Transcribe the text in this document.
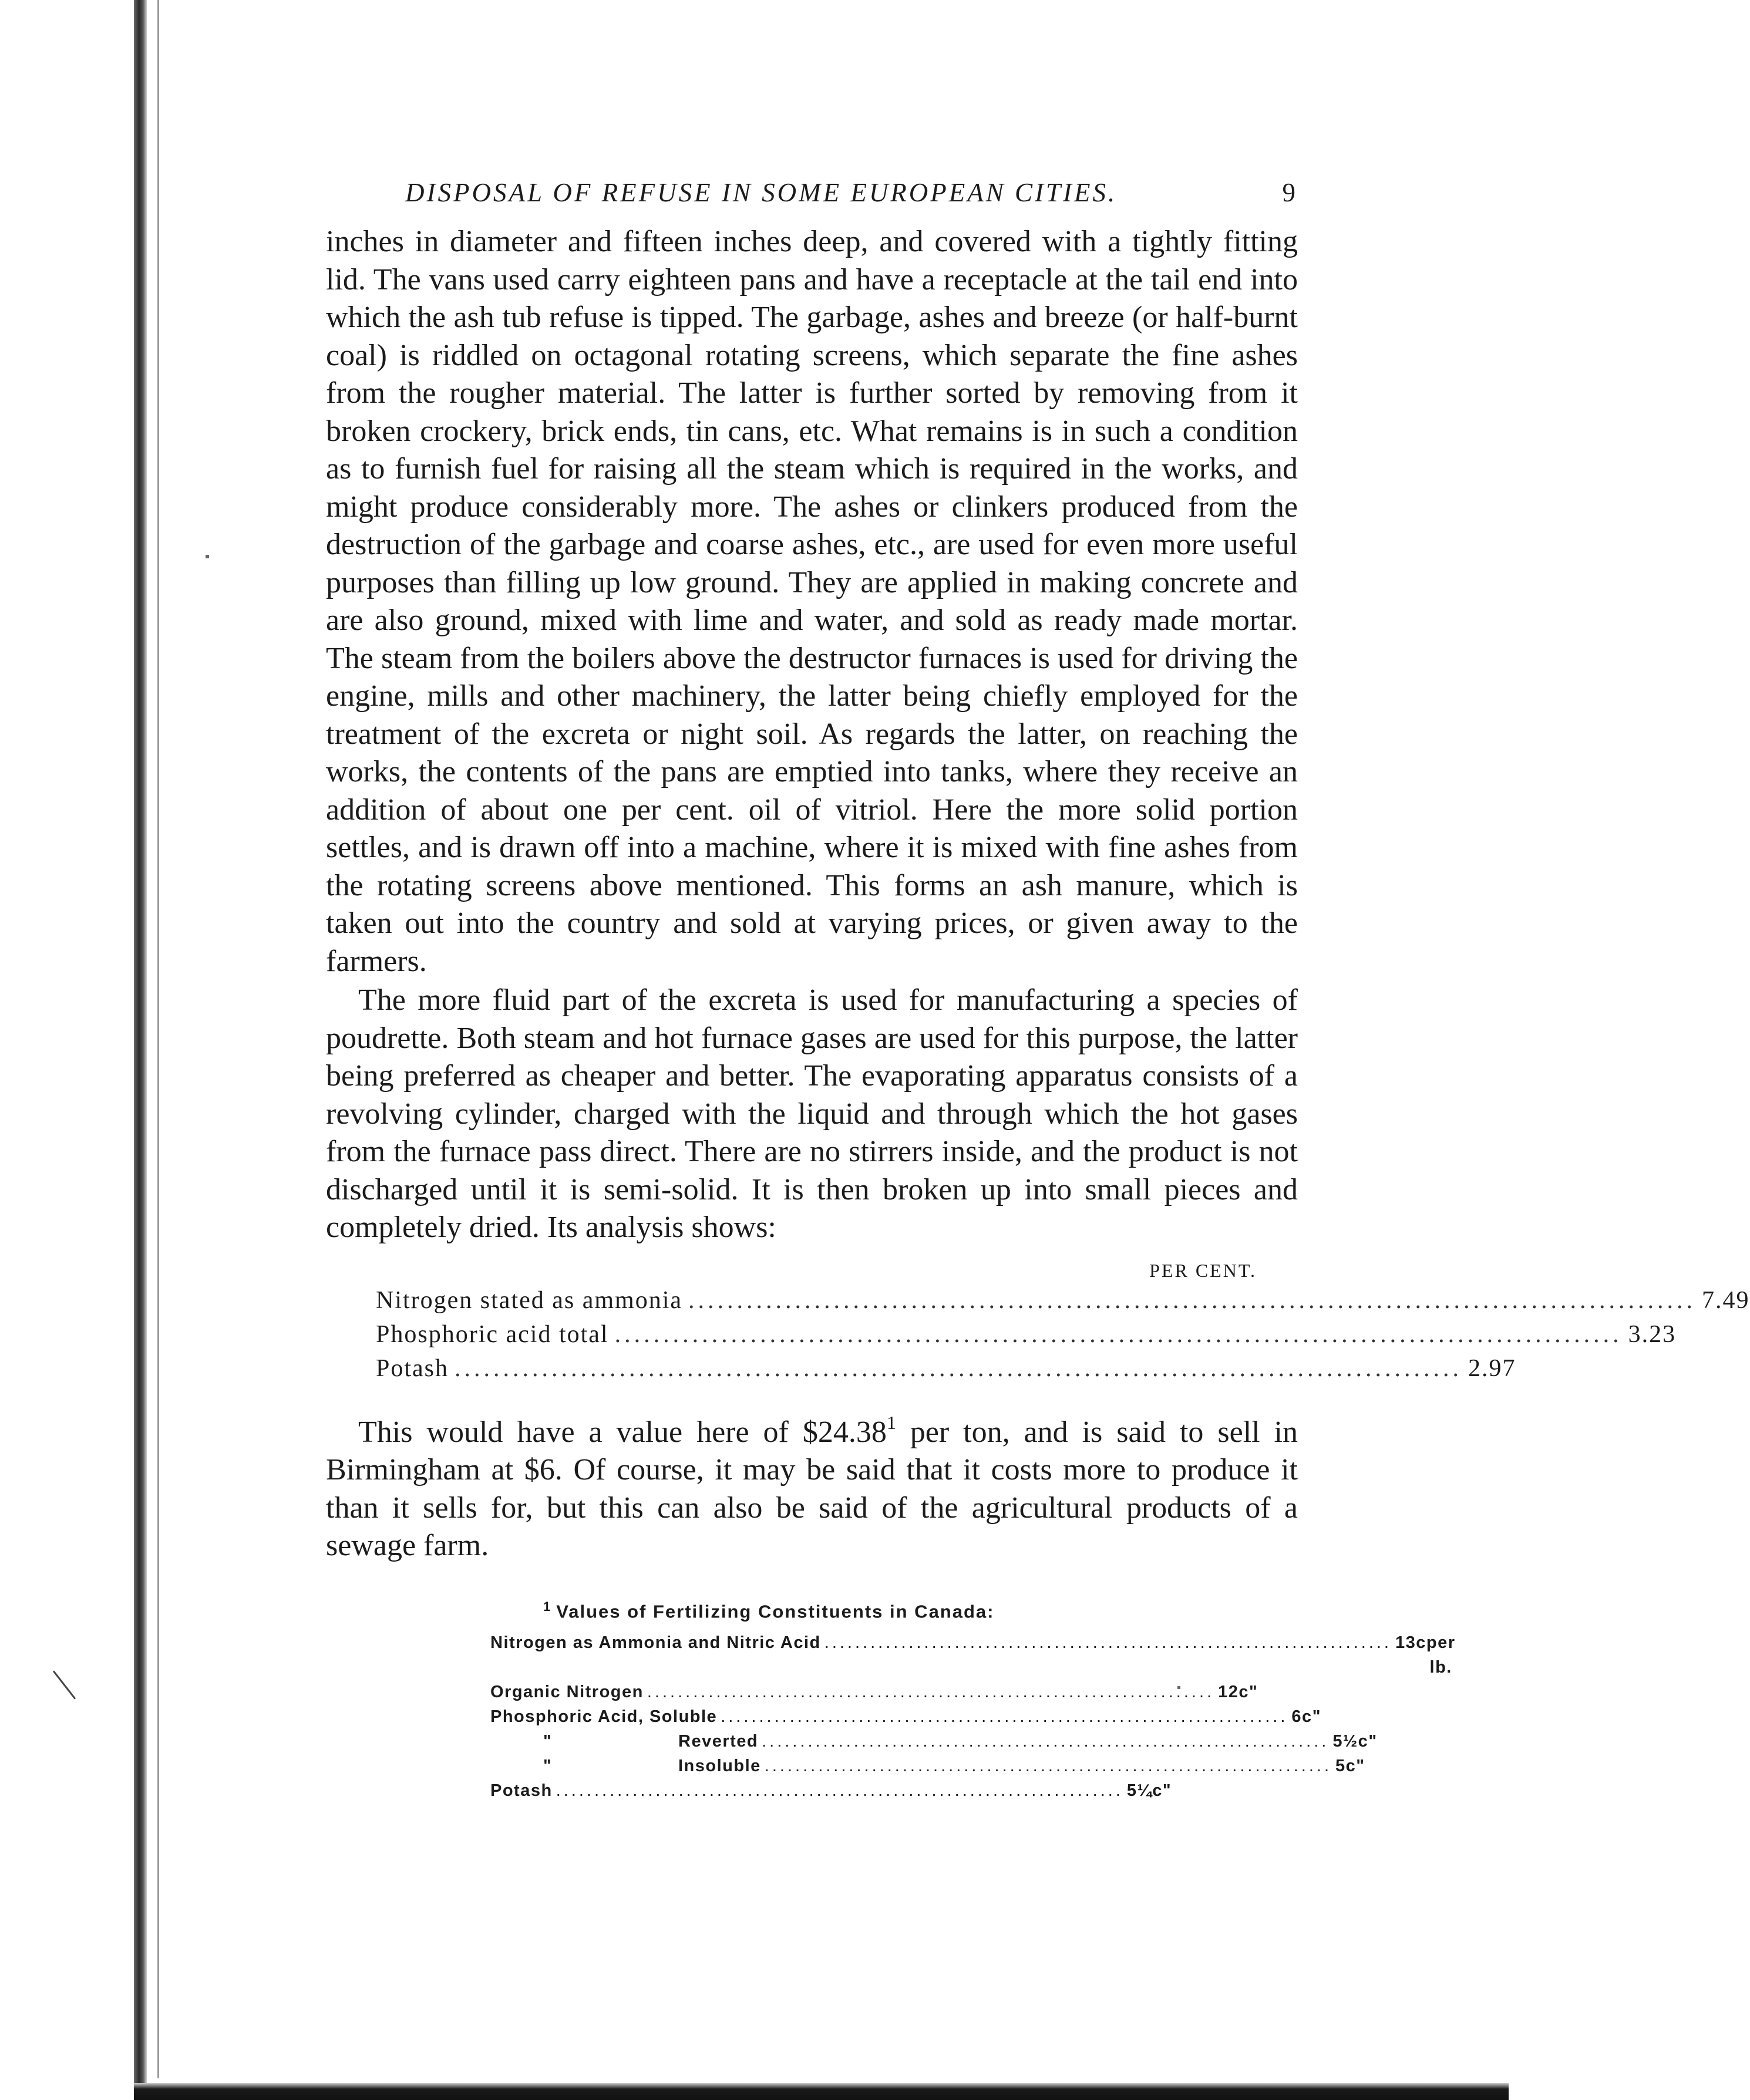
DISPOSAL OF REFUSE IN SOME EUROPEAN CITIES.	9

inches in diameter and fifteen inches deep, and covered with a tightly fitting lid. The vans used carry eighteen pans and have a receptacle at the tail end into which the ash tub refuse is tipped. The garbage, ashes and breeze (or half-burnt coal) is riddled on octagonal rotating screens, which separate the fine ashes from the rougher material. The latter is further sorted by removing from it broken crockery, brick ends, tin cans, etc. What remains is in such a condition as to furnish fuel for raising all the steam which is required in the works, and might produce considerably more. The ashes or clinkers produced from the destruction of the garbage and coarse ashes, etc., are used for even more useful purposes than filling up low ground. They are applied in making concrete and are also ground, mixed with lime and water, and sold as ready made mortar. The steam from the boilers above the destructor furnaces is used for driving the engine, mills and other machinery, the latter being chiefly employed for the treatment of the excreta or night soil. As regards the latter, on reaching the works, the contents of the pans are emptied into tanks, where they receive an addition of about one per cent. oil of vitriol. Here the more solid portion settles, and is drawn off into a machine, where it is mixed with fine ashes from the rotating screens above mentioned. This forms an ash manure, which is taken out into the country and sold at varying prices, or given away to the farmers.

The more fluid part of the excreta is used for manufacturing a species of poudrette. Both steam and hot furnace gases are used for this purpose, the latter being preferred as cheaper and better. The evaporating apparatus consists of a revolving cylinder, charged with the liquid and through which the hot gases from the furnace pass direct. There are no stirrers inside, and the product is not discharged until it is semi-solid. It is then broken up into small pieces and completely dried. Its analysis shows:

PER CENT.
Nitrogen stated as ammonia ........................................................................................................ 7.49
Phosphoric acid total ........................................................................................................ 3.23
Potash ........................................................................................................ 2.97

This would have a value here of $24.38$^1$ per ton, and is said to sell in Birmingham at $6. Of course, it may be said that it costs more to produce it than it sells for, but this can also be said of the agricultural products of a sewage farm.

$^1$ Values of Fertilizing Constituents in Canada:
Nitrogen as Ammonia and Nitric Acid .......................................................................... 13c per lb.
Organic Nitrogen .......................................................................... 12c "
Phosphoric Acid, Soluble .......................................................................... 6c "
"	Reverted .......................................................................... 5½c "
"	Insoluble .......................................................................... 5c "
Potash .......................................................................... 5¼c "
